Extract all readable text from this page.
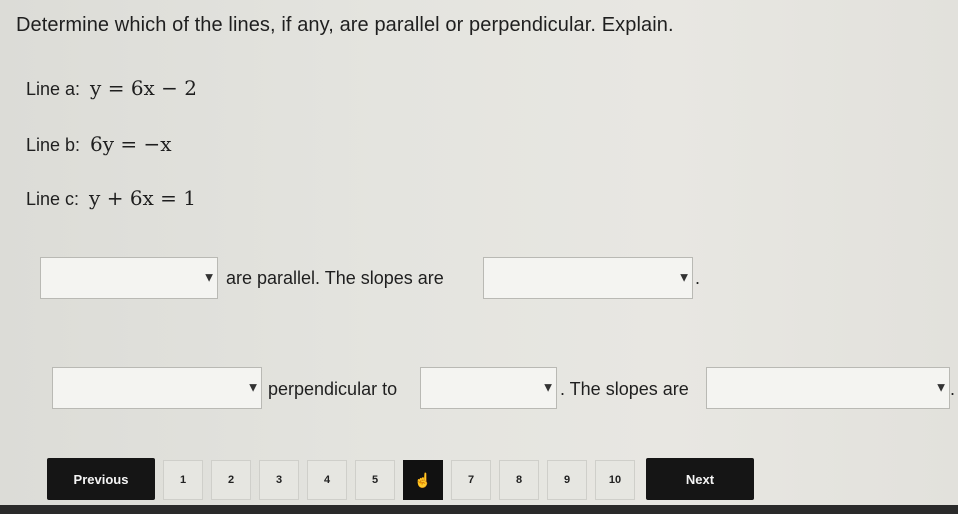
Determine which of the lines, if any, are parallel or perpendicular. Explain.
Line a: y = 6x − 2
Line b: 6y = −x
Line c: y + 6x = 1
▼ are parallel. The slopes are	▼ .
▼ perpendicular to	▼ . The slopes are	▼ .
Previous	1	2	3	4	5	☝	7	8	9	10	Next
